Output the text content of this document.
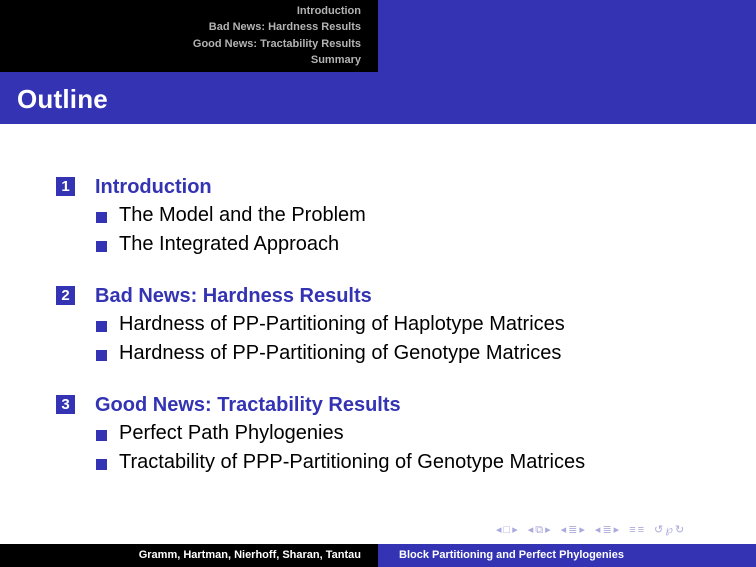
Introduction
Bad News: Hardness Results
Good News: Tractability Results
Summary
Outline
1 Introduction
The Model and the Problem
The Integrated Approach
2 Bad News: Hardness Results
Hardness of PP-Partitioning of Haplotype Matrices
Hardness of PP-Partitioning of Genotype Matrices
3 Good News: Tractability Results
Perfect Path Phylogenies
Tractability of PPP-Partitioning of Genotype Matrices
◂ □ ▸ ◂ ⧉ ▸ ◂ ≣ ▸ ◂ ≣ ▸ ≡ ≡ ↺ ℘ ↻
Gramm, Hartman, Nierhoff, Sharan, Tantau	Block Partitioning and Perfect Phylogenies
